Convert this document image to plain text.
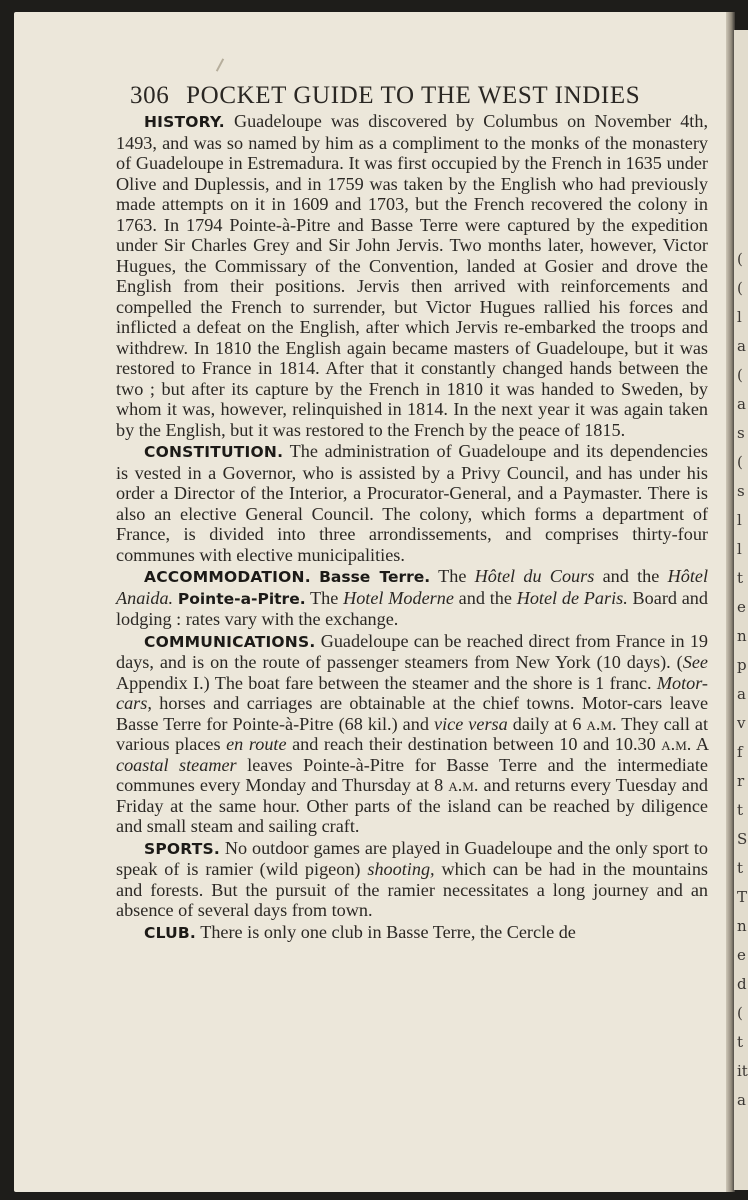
306 POCKET GUIDE TO THE WEST INDIES
(
(
l
a
(
a
s
(
s
l
l
t
e
n
p
a
v
f
r
t
S
t
T
n
e
d
(
t
it
a

HISTORY. Guadeloupe was discovered by Columbus on November 4th, 1493, and was so named by him as a compliment to the monks of the monastery of Guadeloupe in Estremadura. It was first occupied by the French in 1635 under Olive and Duplessis, and in 1759 was taken by the English who had previously made attempts on it in 1609 and 1703, but the French recovered the colony in 1763. In 1794 Pointe-à-Pitre and Basse Terre were captured by the expedition under Sir Charles Grey and Sir John Jervis. Two months later, however, Victor Hugues, the Commissary of the Convention, landed at Gosier and drove the English from their positions. Jervis then arrived with reinforcements and compelled the French to surrender, but Victor Hugues rallied his forces and inflicted a defeat on the English, after which Jervis re-embarked the troops and withdrew. In 1810 the English again became masters of Guadeloupe, but it was restored to France in 1814. After that it constantly changed hands between the two ; but after its capture by the French in 1810 it was handed to Sweden, by whom it was, however, relinquished in 1814. In the next year it was again taken by the English, but it was restored to the French by the peace of 1815.

CONSTITUTION. The administration of Guadeloupe and its dependencies is vested in a Governor, who is assisted by a Privy Council, and has under his order a Director of the Interior, a Procurator-General, and a Paymaster. There is also an elective General Council. The colony, which forms a department of France, is divided into three arrondissements, and comprises thirty-four communes with elective municipalities.

ACCOMMODATION. Basse Terre. The Hôtel du Cours and the Hôtel Anaida. Pointe-a-Pitre. The Hotel Moderne and the Hotel de Paris. Board and lodging : rates vary with the exchange.

COMMUNICATIONS. Guadeloupe can be reached direct from France in 19 days, and is on the route of passenger steamers from New York (10 days). (See Appendix I.) The boat fare between the steamer and the shore is 1 franc. Motor-cars, horses and carriages are obtainable at the chief towns. Motor-cars leave Basse Terre for Pointe-à-Pitre (68 kil.) and vice versa daily at 6 a.m. They call at various places en route and reach their destination between 10 and 10.30 a.m. A coastal steamer leaves Pointe-à-Pitre for Basse Terre and the intermediate communes every Monday and Thursday at 8 a.m. and returns every Tuesday and Friday at the same hour. Other parts of the island can be reached by diligence and small steam and sailing craft.

SPORTS. No outdoor games are played in Guadeloupe and the only sport to speak of is ramier (wild pigeon) shooting, which can be had in the mountains and forests. But the pursuit of the ramier necessitates a long journey and an absence of several days from town.

CLUB. There is only one club in Basse Terre, the Cercle de
